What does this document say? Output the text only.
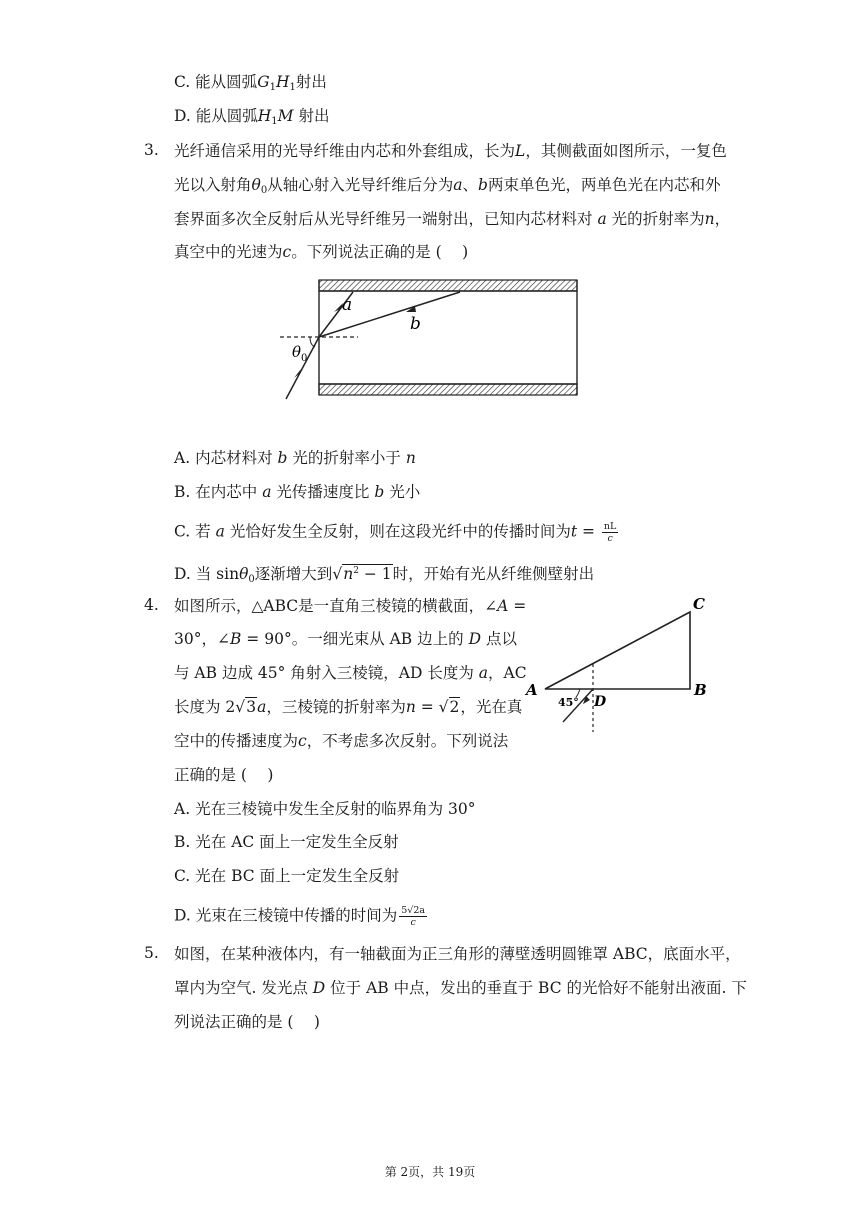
C. 能从圆弧$G_1H_1$射出
D. 能从圆弧$H_1M$ 射出
3. 光纤通信采用的光导纤维由内芯和外套组成，长为L，其侧截面如图所示，一复色
光以入射角$\theta_0$从轴心射入光导纤维后分为a、b两束单色光，两单色光在内芯和外
套界面多次全反射后从光导纤维另一端射出，已知内芯材料对 a 光的折射率为n，
真空中的光速为c。下列说法正确的是 (　 )
a
b
θ 0
A. 内芯材料对 b 光的折射率小于 n
B. 在内芯中 a 光传播速度比 b 光小
C. 若 a 光恰好发生全反射，则在这段光纤中的传播时间为$t = \frac{nL}{c}$
D. 当 sinθ$_0$逐渐增大到$√n^2 - 1$时，开始有光从纤维侧壁射出
4. 如图所示，△ABC是一直角三棱镜的横截面，∠A =
30°，∠B = 90°。一细光束从 AB 边上的 D 点以
与 AB 边成 45° 角射入三棱镜，AD 长度为 a，AC
长度为 2√3a，三棱镜的折射率为n = √2，光在真
空中的传播速度为c，不考虑多次反射。下列说法
正确的是 (　 )
A	B
C
D
45°
A. 光在三棱镜中发生全反射的临界角为 30°
B. 光在 AC 面上一定发生全反射
C. 光在 BC 面上一定发生全反射
D. 光束在三棱镜中传播的时间为 $\frac{5√2a}{c}$
5. 如图，在某种液体内，有一轴截面为正三角形的薄壁透明圆锥罩 ABC，底面水平，
罩内为空气. 发光点 D 位于 AB 中点，发出的垂直于 BC 的光恰好不能射出液面. 下
列说法正确的是 (　 )
第 2页，共 19页
